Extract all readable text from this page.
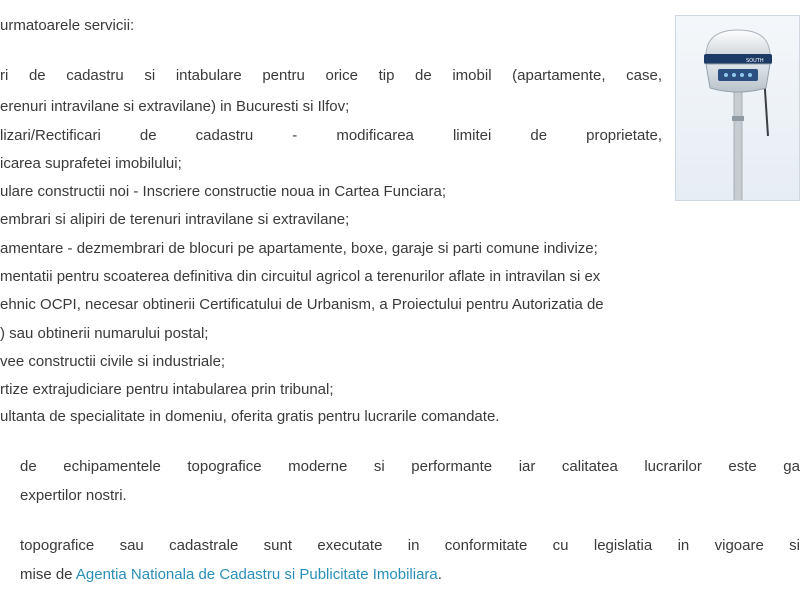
urmatoarele servicii:
ri de cadastru si intabulare pentru orice tip de imobil (apartamente, case,
erenuri intravilane si extravilane) in Bucuresti si Ilfov;
lizari/Rectificari de cadastru - modificarea limitei de proprietate,
icarea suprafetei imobilului;
ulare constructii noi - Inscriere constructie noua in Cartea Funciara;
embrari si alipiri de terenuri intravilane si extravilane;
amentare - dezmembrari de blocuri pe apartamente, boxe, garaje si parti comune indivize;
mentatii pentru scoaterea definitiva din circuitul agricol a terenurilor aflate in intravilan si ex
ehnic OCPI, necesar obtinerii Certificatului de Urbanism, a Proiectului pentru Autorizatia de
) sau obtinerii numarului postal;
vee constructii civile si industriale;
rtize extrajudiciare pentru intabularea prin tribunal;
ultanta de specialitate in domeniu, oferita gratis pentru lucrarile comandate.
de echipamentele topografice moderne si performante iar calitatea lucrarilor este ga
expertilor nostri.
topografice sau cadastrale sunt executate in conformitate cu legislatia in vigoare si
mise de Agentia Nationala de Cadastru si Publicitate Imobiliara.
SOUTH
